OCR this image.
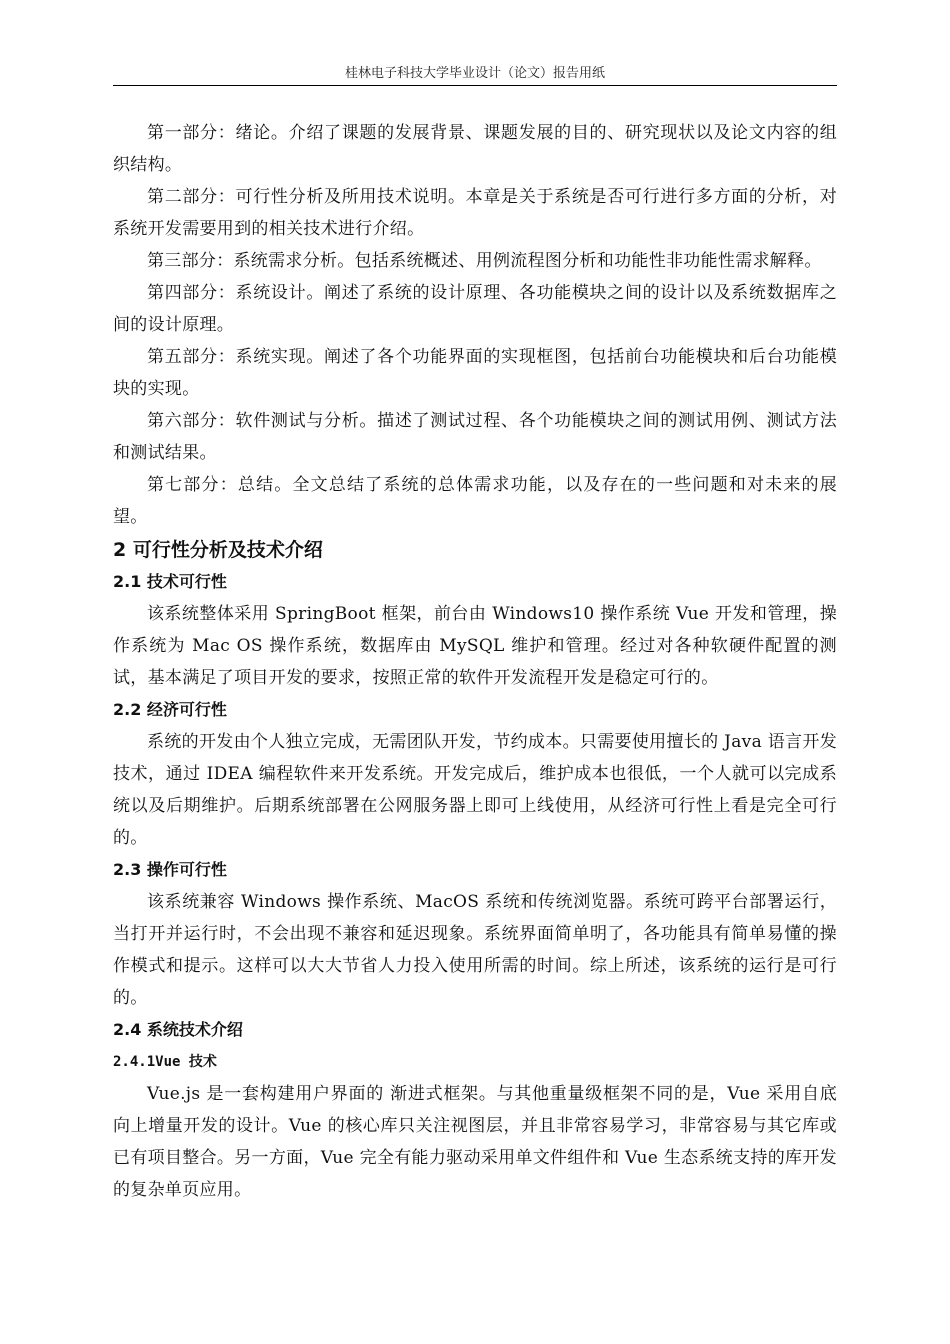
桂林电子科技大学毕业设计（论文）报告用纸

第一部分：绪论。介绍了课题的发展背景、课题发展的目的、研究现状以及论文内容的组织结构。

第二部分：可行性分析及所用技术说明。本章是关于系统是否可行进行多方面的分析，对系统开发需要用到的相关技术进行介绍。

第三部分：系统需求分析。包括系统概述、用例流程图分析和功能性非功能性需求解释。

第四部分：系统设计。阐述了系统的设计原理、各功能模块之间的设计以及系统数据库之间的设计原理。

第五部分：系统实现。阐述了各个功能界面的实现框图，包括前台功能模块和后台功能模块的实现。

第六部分：软件测试与分析。描述了测试过程、各个功能模块之间的测试用例、测试方法和测试结果。

第七部分：总结。全文总结了系统的总体需求功能，以及存在的一些问题和对未来的展望。

2 可行性分析及技术介绍
2.1 技术可行性

该系统整体采用 SpringBoot 框架，前台由 Windows10 操作系统 Vue 开发和管理，操作系统为 Mac OS 操作系统，数据库由 MySQL 维护和管理。经过对各种软硬件配置的测试，基本满足了项目开发的要求，按照正常的软件开发流程开发是稳定可行的。

2.2 经济可行性

系统的开发由个人独立完成，无需团队开发，节约成本。只需要使用擅长的 Java 语言开发技术，通过 IDEA 编程软件来开发系统。开发完成后，维护成本也很低，一个人就可以完成系统以及后期维护。后期系统部署在公网服务器上即可上线使用，从经济可行性上看是完全可行的。

2.3 操作可行性

该系统兼容 Windows 操作系统、MacOS 系统和传统浏览器。系统可跨平台部署运行，当打开并运行时，不会出现不兼容和延迟现象。系统界面简单明了，各功能具有简单易懂的操作模式和提示。这样可以大大节省人力投入使用所需的时间。综上所述，该系统的运行是可行的。

2.4 系统技术介绍
2.4.1Vue 技术

Vue.js 是一套构建用户界面的 渐进式框架。与其他重量级框架不同的是，Vue 采用自底向上增量开发的设计。Vue 的核心库只关注视图层，并且非常容易学习，非常容易与其它库或已有项目整合。另一方面，Vue 完全有能力驱动采用单文件组件和 Vue 生态系统支持的库开发的复杂单页应用。
